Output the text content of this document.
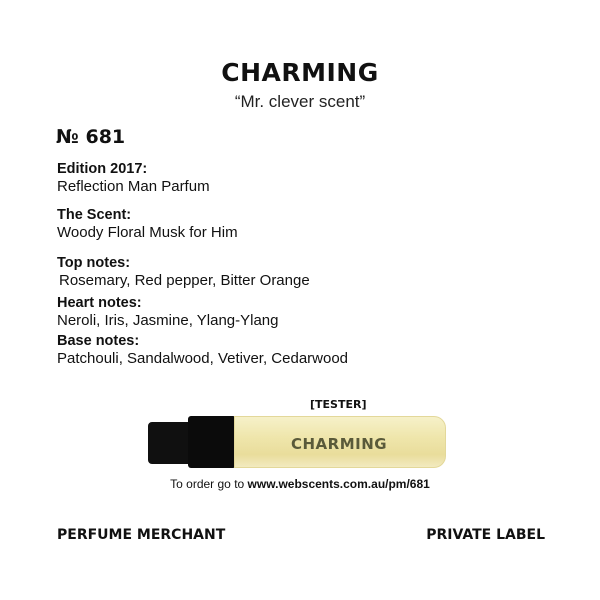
CHARMING
“Mr. clever scent”
№ 681
Edition 2017:
Reflection Man Parfum
The Scent:
Woody Floral Musk for Him
Top notes:
Rosemary, Red pepper, Bitter Orange
Heart notes:
Neroli, Iris, Jasmine, Ylang-Ylang
Base notes:
Patchouli, Sandalwood, Vetiver, Cedarwood
[TESTER]
CHARMING
To order go to www.webscents.com.au/pm/681
PERFUME MERCHANT	PRIVATE LABEL
